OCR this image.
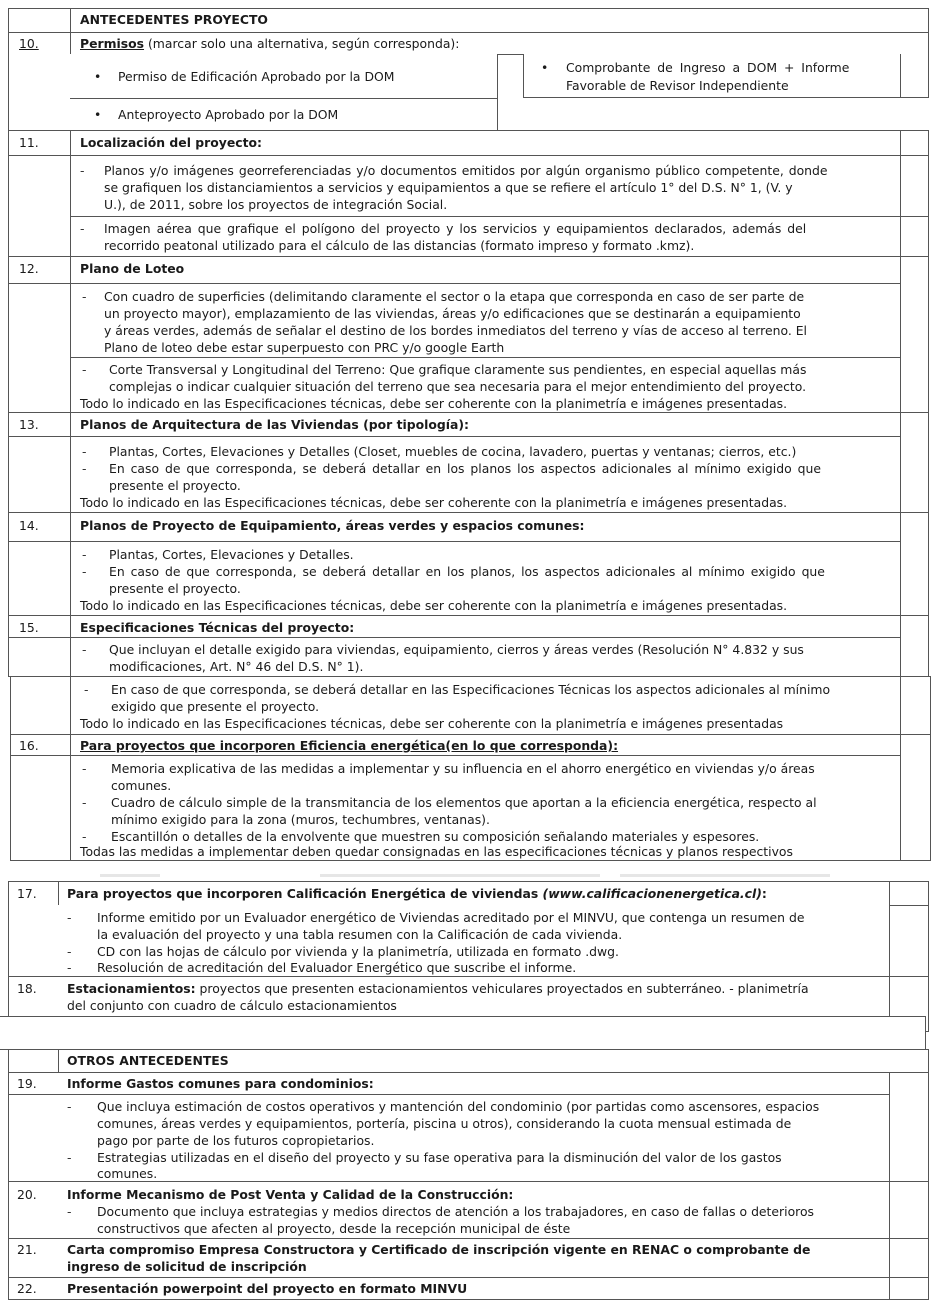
ANTECEDENTES PROYECTO
10.	Permisos (marcar solo una alternativa, según corresponda):
• Permiso de Edificación Aprobado por la DOM
• Comprobante de Ingreso a DOM + Informe
Favorable de Revisor Independiente
• Anteproyecto Aprobado por la DOM
11.	Localización del proyecto:
- Planos y/o imágenes georreferenciadas y/o documentos emitidos por algún organismo público competente, donde
se grafiquen los distanciamientos a servicios y equipamientos a que se refiere el artículo 1° del D.S. N° 1, (V. y
U.), de 2011, sobre los proyectos de integración Social.
- Imagen aérea que grafique el polígono del proyecto y los servicios y equipamientos declarados, además del
recorrido peatonal utilizado para el cálculo de las distancias (formato impreso y formato .kmz).
12.	Plano de Loteo
- Con cuadro de superficies (delimitando claramente el sector o la etapa que corresponda en caso de ser parte de
un proyecto mayor), emplazamiento de las viviendas, áreas y/o edificaciones que se destinarán a equipamiento
y áreas verdes, además de señalar el destino de los bordes inmediatos del terreno y vías de acceso al terreno. El
Plano de loteo debe estar superpuesto con PRC y/o google Earth
- Corte Transversal y Longitudinal del Terreno: Que grafique claramente sus pendientes, en especial aquellas más
complejas o indicar cualquier situación del terreno que sea necesaria para el mejor entendimiento del proyecto.
Todo lo indicado en las Especificaciones técnicas, debe ser coherente con la planimetría e imágenes presentadas.
13.	Planos de Arquitectura de las Viviendas (por tipología):
- Plantas, Cortes, Elevaciones y Detalles (Closet, muebles de cocina, lavadero, puertas y ventanas; cierros, etc.)
- En caso de que corresponda, se deberá detallar en los planos los aspectos adicionales al mínimo exigido que
presente el proyecto.
Todo lo indicado en las Especificaciones técnicas, debe ser coherente con la planimetría e imágenes presentadas.
14.	Planos de Proyecto de Equipamiento, áreas verdes y espacios comunes:
- Plantas, Cortes, Elevaciones y Detalles.
- En caso de que corresponda, se deberá detallar en los planos, los aspectos adicionales al mínimo exigido que
presente el proyecto.
Todo lo indicado en las Especificaciones técnicas, debe ser coherente con la planimetría e imágenes presentadas.
15.	Especificaciones Técnicas del proyecto:
- Que incluyan el detalle exigido para viviendas, equipamiento, cierros y áreas verdes (Resolución N° 4.832 y sus
modificaciones, Art. N° 46 del D.S. N° 1).
- En caso de que corresponda, se deberá detallar en las Especificaciones Técnicas los aspectos adicionales al mínimo
exigido que presente el proyecto.
Todo lo indicado en las Especificaciones técnicas, debe ser coherente con la planimetría e imágenes presentadas
16.	Para proyectos que incorporen Eficiencia energética(en lo que corresponda):
- Memoria explicativa de las medidas a implementar y su influencia en el ahorro energético en viviendas y/o áreas
comunes.
- Cuadro de cálculo simple de la transmitancia de los elementos que aportan a la eficiencia energética, respecto al
mínimo exigido para la zona (muros, techumbres, ventanas).
- Escantillón o detalles de la envolvente que muestren su composición señalando materiales y espesores.
Todas las medidas a implementar deben quedar consignadas en las especificaciones técnicas y planos respectivos
17. Para proyectos que incorporen Calificación Energética de viviendas (www.calificacionenergetica.cl):
- Informe emitido por un Evaluador energético de Viviendas acreditado por el MINVU, que contenga un resumen de
la evaluación del proyecto y una tabla resumen con la Calificación de cada vivienda.
- CD con las hojas de cálculo por vivienda y la planimetría, utilizada en formato .dwg.
- Resolución de acreditación del Evaluador Energético que suscribe el informe.
18. Estacionamientos: proyectos que presenten estacionamientos vehiculares proyectados en subterráneo. - planimetría
del conjunto con cuadro de cálculo estacionamientos
OTROS ANTECEDENTES
19. Informe Gastos comunes para condominios:
- Que incluya estimación de costos operativos y mantención del condominio (por partidas como ascensores, espacios
comunes, áreas verdes y equipamientos, portería, piscina u otros), considerando la cuota mensual estimada de
pago por parte de los futuros copropietarios.
- Estrategias utilizadas en el diseño del proyecto y su fase operativa para la disminución del valor de los gastos
comunes.
20. Informe Mecanismo de Post Venta y Calidad de la Construcción:
- Documento que incluya estrategias y medios directos de atención a los trabajadores, en caso de fallas o deterioros
constructivos que afecten al proyecto, desde la recepción municipal de éste
21. Carta compromiso Empresa Constructora y Certificado de inscripción vigente en RENAC o comprobante de
ingreso de solicitud de inscripción
22. Presentación powerpoint del proyecto en formato MINVU
